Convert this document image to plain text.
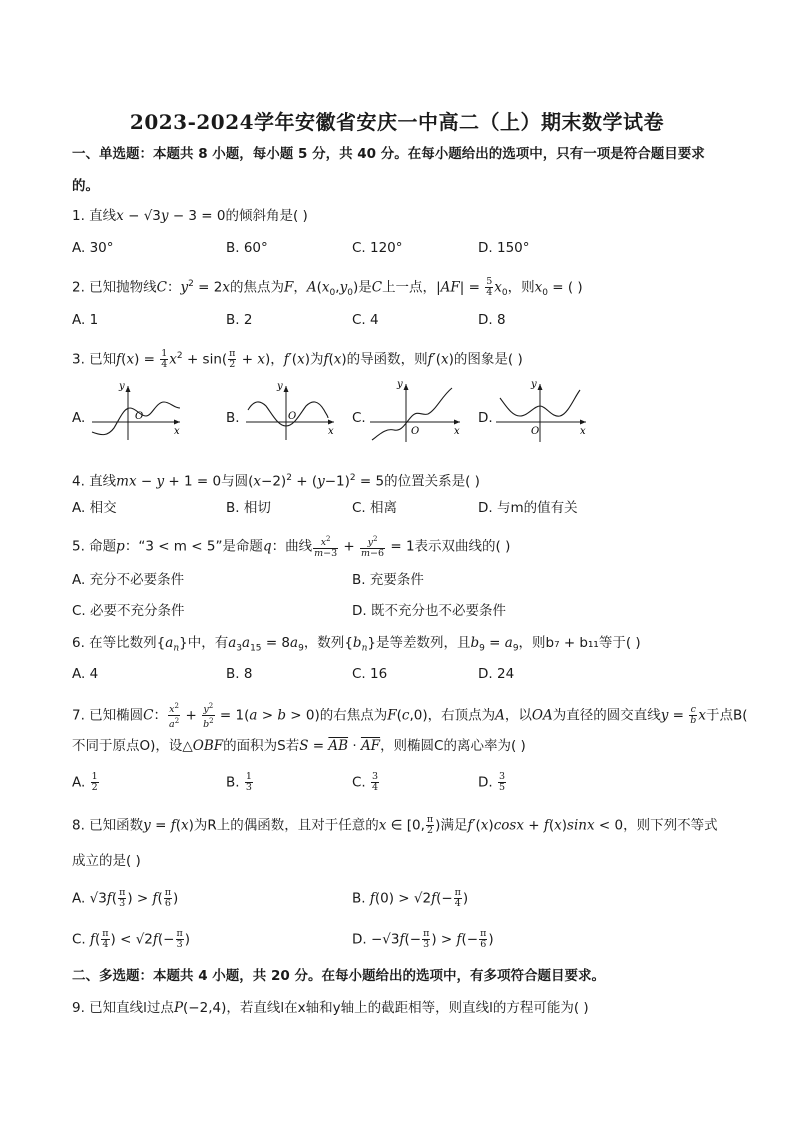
2023-2024学年安徽省安庆一中高二（上）期末数学试卷
一、单选题：本题共 8 小题，每小题 5 分，共 40 分。在每小题给出的选项中，只有一项是符合题目要求
的。
1. 直线x − √3y − 3 = 0的倾斜角是( )
A. 30°	B. 60°	C. 120°	D. 150°
2. 已知抛物线C：$y^2 = 2x$的焦点为F，$A(x_0,y_0)$是C上一点，$|AF| = \frac{5}{4} x_0$，则$x_0$ = ( )
A. 1	B. 2	C. 4	D. 8
3. 已知$f(x) = \frac{1}{4} x^2 + \sin( \frac{\pi}{2} + x)$，f′(x)为f(x)的导函数，则f′(x)的图象是( )
A.
y
O
x
B.
y
O
x
C.
y
O	x
D.
y
O	x
4. 直线mx − y + 1 = 0与圆$(x-2)^2 + (y-1)^2 = 5$的位置关系是( )
A. 相交	B. 相切	C. 相离	D. 与m的值有关
5. 命题p：“3 < m < 5”是命题q：曲线 $\frac{x^2}{m-3} + \frac{y^2}{m-6} = 1$表示双曲线的( )
A. 充分不必要条件	B. 充要条件
C. 必要不充分条件	D. 既不充分也不必要条件
6. 在等比数列$\{a_n\}$中，有$a_3a_{15} = 8a_9$，数列$\{b_n\}$是等差数列，且$b_9 = a_9$，则b₇ + b₁₁等于( )
A. 4	B. 8	C. 16	D. 24
7. 已知椭圆C： $\frac{x^2}{a^2} + \frac{y^2}{b^2} = 1(a > b > 0)$的右焦点为F(c,0)，右顶点为A，以OA为直径的圆交直线$y = \frac{c}{b}$ x于点B(
不同于原点O)，设△OBF的面积为S若$S = \overline{AB} \cdot \overline{AF}$，则椭圆C的离心率为( )
A. $\frac{1}{2}$	B. $\frac{1}{3}$	C. $\frac{3}{4}$	D. $\frac{3}{5}$
8. 已知函数y = f(x)为R上的偶函数，且对于任意的x ∈ [0, $\frac{\pi}{2}$ )满足f′(x)cosx + f(x)sinx < 0，则下列不等式
成立的是( )
A. $√3f( \frac{\pi}{3}$ ) > $f( \frac{\pi}{6}$ )	B. $f(0) > √2f(- \frac{\pi}{4}$ )
C. $f( \frac{\pi}{4}$ ) < $√2f(- \frac{\pi}{3}$ )	D. $-√3f(- \frac{\pi}{3}$ ) > $f(- \frac{\pi}{6}$ )
二、多选题：本题共 4 小题，共 20 分。在每小题给出的选项中，有多项符合题目要求。
9. 已知直线l过点P(−2,4)，若直线l在x轴和y轴上的截距相等，则直线l的方程可能为( )
